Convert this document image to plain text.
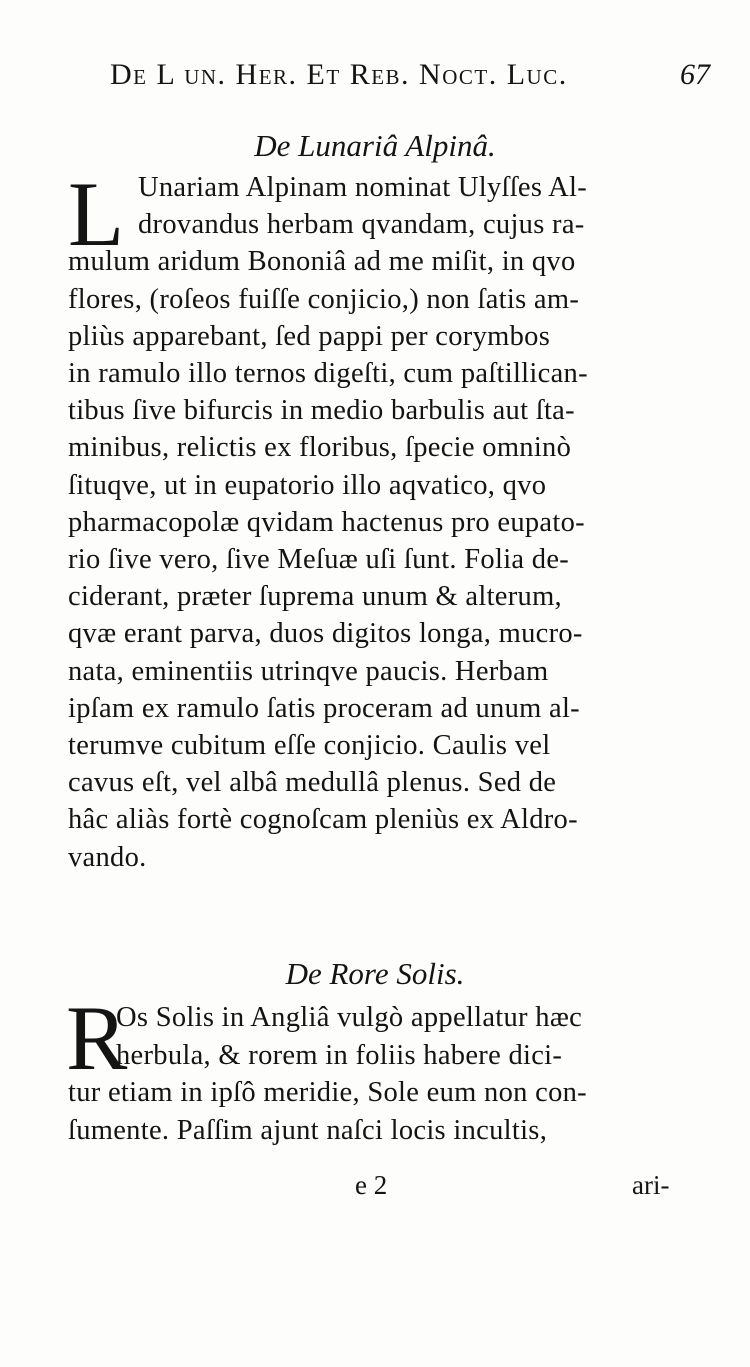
De L un. Her. Et Reb. Noct. Luc.	67
De Lunariâ Alpinâ.
L Unariam Alpinam nominat Ulyſſes Al-
drovandus herbam qvandam, cujus ra-
mulum aridum Bononiâ ad me miſit, in qvo
flores, (roſeos fuiſſe conjicio,) non ſatis am-
pliùs apparebant, ſed pappi per corymbos
in ramulo illo ternos digeſti, cum paſtillican-
tibus ſive bifurcis in medio barbulis aut ſta-
minibus, relictis ex floribus, ſpecie omninò
ſituqve, ut in eupatorio illo aqvatico, qvo
pharmacopolæ qvidam hactenus pro eupato-
rio ſive vero, ſive Meſuæ uſi ſunt. Folia de-
ciderant, præter ſuprema unum & alterum,
qvæ erant parva, duos digitos longa, mucro-
nata, eminentiis utrinqve paucis. Herbam
ipſam ex ramulo ſatis proceram ad unum al-
terumve cubitum eſſe conjicio. Caulis vel
cavus eſt, vel albâ medullâ plenus. Sed de
hâc aliàs fortè cognoſcam pleniùs ex Aldro-
vando.
De Rore Solis.
R
Os Solis in Angliâ vulgò appellatur hæc
herbula, & rorem in foliis habere dici-
tur etiam in ipſô meridie, Sole eum non con-
ſumente. Paſſim ajunt naſci locis incultis,
e 2	ari-
